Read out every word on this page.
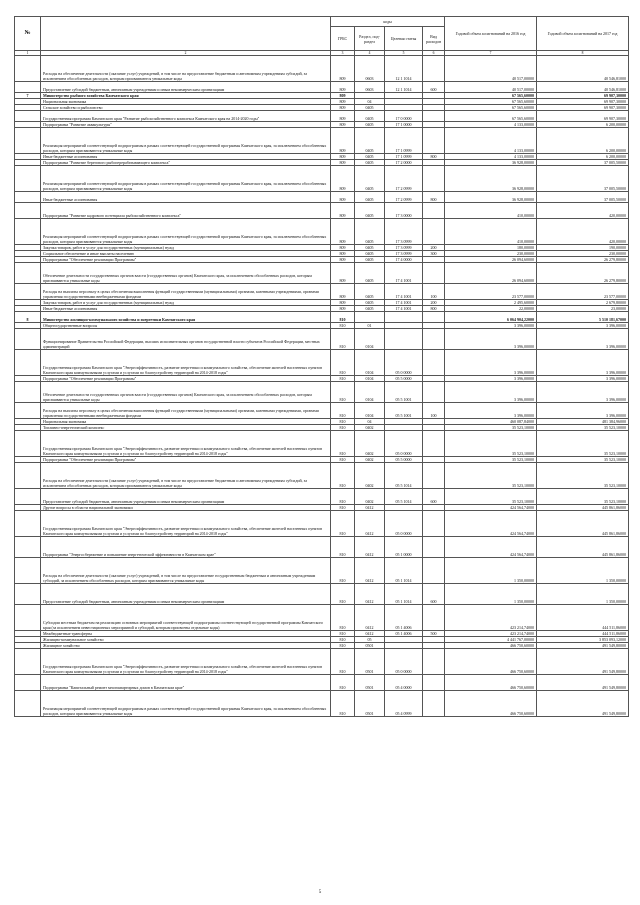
№		коды				Годовой объем ассигнований на 2016 год	Годовой объем ассигнований на 2017 год
		ГРБС	Раздел, под-раздел	Целевая статья	Вид расходов		
1	2	3	4	5	6	7	8
	Расходы на обеспечение деятельности (оказание услуг) учреждений, в том числе на предоставление бюджетным и автономным учреждениям субсидий, за исключением обособленных расходов, которым присваиваются уникальные коды	809	0603	12 1 1014		40 517,00000	40 546,81000
	Предоставление субсидий бюджетным, автономным учреждениям и иным некоммерческим организациям	809	0603	12 1 1014	600	40 517,00000	40 546,81000
7	Министерство рыбного хозяйства Камчатского края	809				67 565,60000	69 907,30000
	Национальная экономика	809	04			67 565,60000	69 907,30000
	Сельское хозяйство и рыболовство	809	0405			67 565,60000	69 907,30000
	Государственная программа Камчатского края "Развитие рыбохозяйственного комплекса Камчатского края на 2014-2020 годы"	809	0405	17 0 0000		67 565,60000	69 907,30000
	Подпрограмма "Развитие аквакультуры"	809	0405	17 1 0000		4 133,00000	6 200,00000
	Реализация мероприятий соответствующей подпрограммы в рамках соответствующей государственной программы Камчатского края, за исключением обособленных расходов, которым присваиваются уникальные коды	809	0405	17 1 0999		4 133,00000	6 200,00000
	Иные бюджетные ассигнования	809	0405	17 1 0999	800	4 133,00000	6 200,00000
	Подпрограмма "Развитие берегового рыбоперерабатывающего комплекса"	809	0405	17 2 0000		36 928,00000	37 005,50000
	Реализация мероприятий соответствующей подпрограммы в рамках соответствующей государственной программы Камчатского края, за исключением обособленных расходов, которым присваиваются уникальные коды	809	0405	17 2 0999		36 928,00000	37 005,50000
	Иные бюджетные ассигнования	809	0405	17 2 0999	800	36 928,00000	37 005,50000
	Подпрограмма "Развитие кадрового потенциала рыбохозяйственного комплекса"	809	0405	17 3 0000		410,00000	420,00000
	Реализация мероприятий соответствующей подпрограммы в рамках соответствующей государственной программы Камчатского края, за исключением обособленных расходов, которым присваиваются уникальные коды	809	0405	17 3 0999		410,00000	420,00000
	Закупка товаров, работ и услуг для государственных (муниципальных) нужд	809	0405	17 3 0999	200	180,00000	190,00000
	Социальное обеспечение и иные выплаты населению	809	0405	17 3 0999	300	230,00000	230,00000
	Подпрограмма "Обеспечение реализации Программы"	809	0405	17 4 0000		26 094,60000	26 279,80000
	Обеспечение деятельности государственных органов власти (государственных органов) Камчатского края, за исключением обособленных расходов, которым присваиваются уникальные коды	809	0405	17 4 1001		26 094,60000	26 279,80000
	Расходы на выплаты персоналу в целях обеспечения выполнения функций государственными (муниципальными) органами, казенными учреждениями, органами управления государственными внебюджетными фондами	809	0405	17 4 1001	100	23 577,00000	23 577,00000
	Закупка товаров, работ и услуг для государственных (муниципальных) нужд	809	0405	17 4 1001	200	2 495,60000	2 679,80000
	Иные бюджетные ассигнования	809	0405	17 4 1001	800	22,00000	23,00000
8	Министерство жилищно-коммунального хозяйства и энергетики Камчатского края	810				6 064 904,22000	5 510 181,67000
	Общегосударственные вопросы	810	01			3 396,00000	3 396,00000
	Функционирование Правительства Российской Федерации, высших исполнительных органов государственной власти субъектов Российской Федерации, местных администраций	810	0104			3 396,00000	3 396,00000
	Государственная программа Камчатского края "Энергоэффективность, развитие энергетики и коммунального хозяйства, обеспечение жителей населенных пунктов Камчатского края коммунальными услугами и услугами по благоустройству территорий на 2014-2018 годы"	810	0104	05 0 0000		3 396,00000	3 396,00000
	Подпрограмма "Обеспечение реализации Программы"	810	0104	05 5 0000		3 396,00000	3 396,00000
	Обеспечение деятельности государственных органов власти (государственных органов) Камчатского края, за исключением обособленных расходов, которым присваиваются уникальные коды	810	0104	05 5 1001		3 396,00000	3 396,00000
	Расходы на выплаты персоналу в целях обеспечения выполнения функций государственными (муниципальными) органами, казенными учреждениями, органами управления государственными внебюджетными фондами	810	0104	05 5 1001	100	3 396,00000	3 396,00000
	Национальная экономика	810	04			460 087,84000	481 384,96000
	Топливно-энергетический комплекс	810	0402			35 523,10000	35 523,10000
	Государственная программа Камчатского края "Энергоэффективность, развитие энергетики и коммунального хозяйства, обеспечение жителей населенных пунктов Камчатского края коммунальными услугами и услугами по благоустройству территорий на 2014-2018 годы"	810	0402	05 0 0000		35 523,10000	35 523,10000
	Подпрограмма "Обеспечение реализации Программы"	810	0402	05 5 0000		35 523,10000	35 523,10000
	Расходы на обеспечение деятельности (оказание услуг) учреждений, в том числе на предоставление бюджетным и автономным учреждениям субсидий, за исключением обособленных расходов, которым присваиваются уникальные коды	810	0402	05 5 1014		35 523,10000	35 523,10000
	Предоставление субсидий бюджетным, автономным учреждениям и иным некоммерческим организациям	810	0402	05 5 1014	600	35 523,10000	35 523,10000
	Другие вопросы в области национальной экономики	810	0412			424 564,74000	445 861,86000
	Государственная программа Камчатского края "Энергоэффективность, развитие энергетики и коммунального хозяйства, обеспечение жителей населенных пунктов Камчатского края коммунальными услугами и услугами по благоустройству территорий на 2014-2018 годы"	810	0412	05 0 0000		424 564,74000	445 861,86000
	Подпрограмма "Энергосбережение и повышение энергетической эффективности в Камчатском крае"	810	0412	05 1 0000		424 564,74000	445 861,86000
	Расходы на обеспечение деятельности (оказание услуг) учреждений, в том числе на предоставление государственным бюджетным и автономным учреждениям субсидий, за исключением обособленных расходов, которым присваиваются уникальные коды	810	0412	05 1 1014		1 350,00000	1 350,00000
	Предоставление субсидий бюджетным, автономным учреждениям и иным некоммерческим организациям	810	0412	05 1 1014	600	1 350,00000	1 350,00000
	Субсидии местным бюджетам на реализацию основных мероприятий соответствующей подпрограммы соответствующей государственной программы Камчатского края (за исключением инвестиционных мероприятий и субсидий, которым присвоены отдельные коды)	810	0412	05 1 4006		423 214,74000	444 511,86000
	Межбюджетные трансферты	810	0412	05 1 4006	500	423 214,74000	444 511,86000
	Жилищно-коммунальное хозяйство	810	05			4 441 767,00000	3 853 093,12000
	Жилищное хозяйство	810	0501			466 750,60000	491 549,80000
	Государственная программа Камчатского края "Энергоэффективность, развитие энергетики и коммунального хозяйства, обеспечение жителей населенных пунктов Камчатского края коммунальными услугами и услугами по благоустройству территорий на 2014-2018 годы"	810	0501	05 0 0000		466 750,60000	491 549,80000
	Подпрограмма "Капитальный ремонт многоквартирных домов в Камчатском крае"	810	0501	05 4 0000		466 750,60000	491 549,80000
	Реализация мероприятий соответствующей подпрограммы в рамках соответствующей государственной программы Камчатского края, за исключением обособленных расходов, которым присваиваются уникальные коды	810	0501	05 4 0999		466 750,60000	491 549,80000
5
